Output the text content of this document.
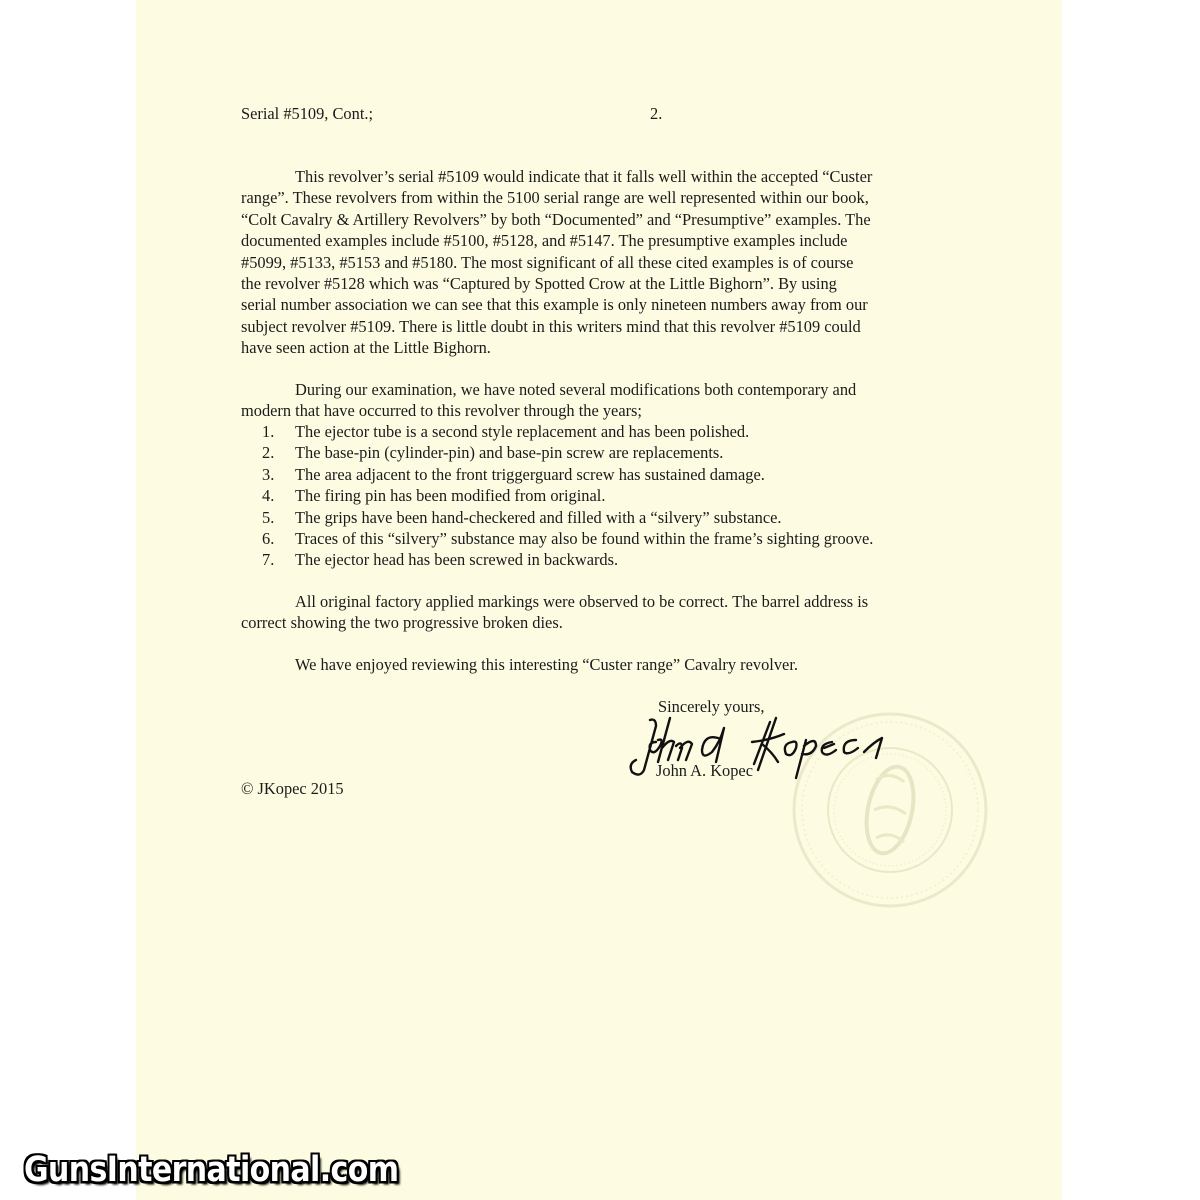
Serial #5109, Cont.;	2.

This revolver’s serial #5109 would indicate that it falls well within the accepted “Custer
range”. These revolvers from within the 5100 serial range are well represented within our book,
“Colt Cavalry & Artillery Revolvers” by both “Documented” and “Presumptive” examples. The
documented examples include #5100, #5128, and #5147. The presumptive examples include
#5099, #5133, #5153 and #5180. The most significant of all these cited examples is of course
the revolver #5128 which was “Captured by Spotted Crow at the Little Bighorn”. By using
serial number association we can see that this example is only nineteen numbers away from our
subject revolver #5109. There is little doubt in this writers mind that this revolver #5109 could
have seen action at the Little Bighorn.
During our examination, we have noted several modifications both contemporary and
modern that have occurred to this revolver through the years;
1. The ejector tube is a second style replacement and has been polished.
2. The base-pin (cylinder-pin) and base-pin screw are replacements.
3. The area adjacent to the front triggerguard screw has sustained damage.
4. The firing pin has been modified from original.
5. The grips have been hand-checkered and filled with a “silvery” substance.
6. Traces of this “silvery” substance may also be found within the frame’s sighting groove.
7. The ejector head has been screwed in backwards.
All original factory applied markings were observed to be correct. The barrel address is
correct showing the two progressive broken dies.
We have enjoyed reviewing this interesting “Custer range” Cavalry revolver.

Sincerely yours,

John A. Kopec

© JKopec 2015

GunsInternational.com
